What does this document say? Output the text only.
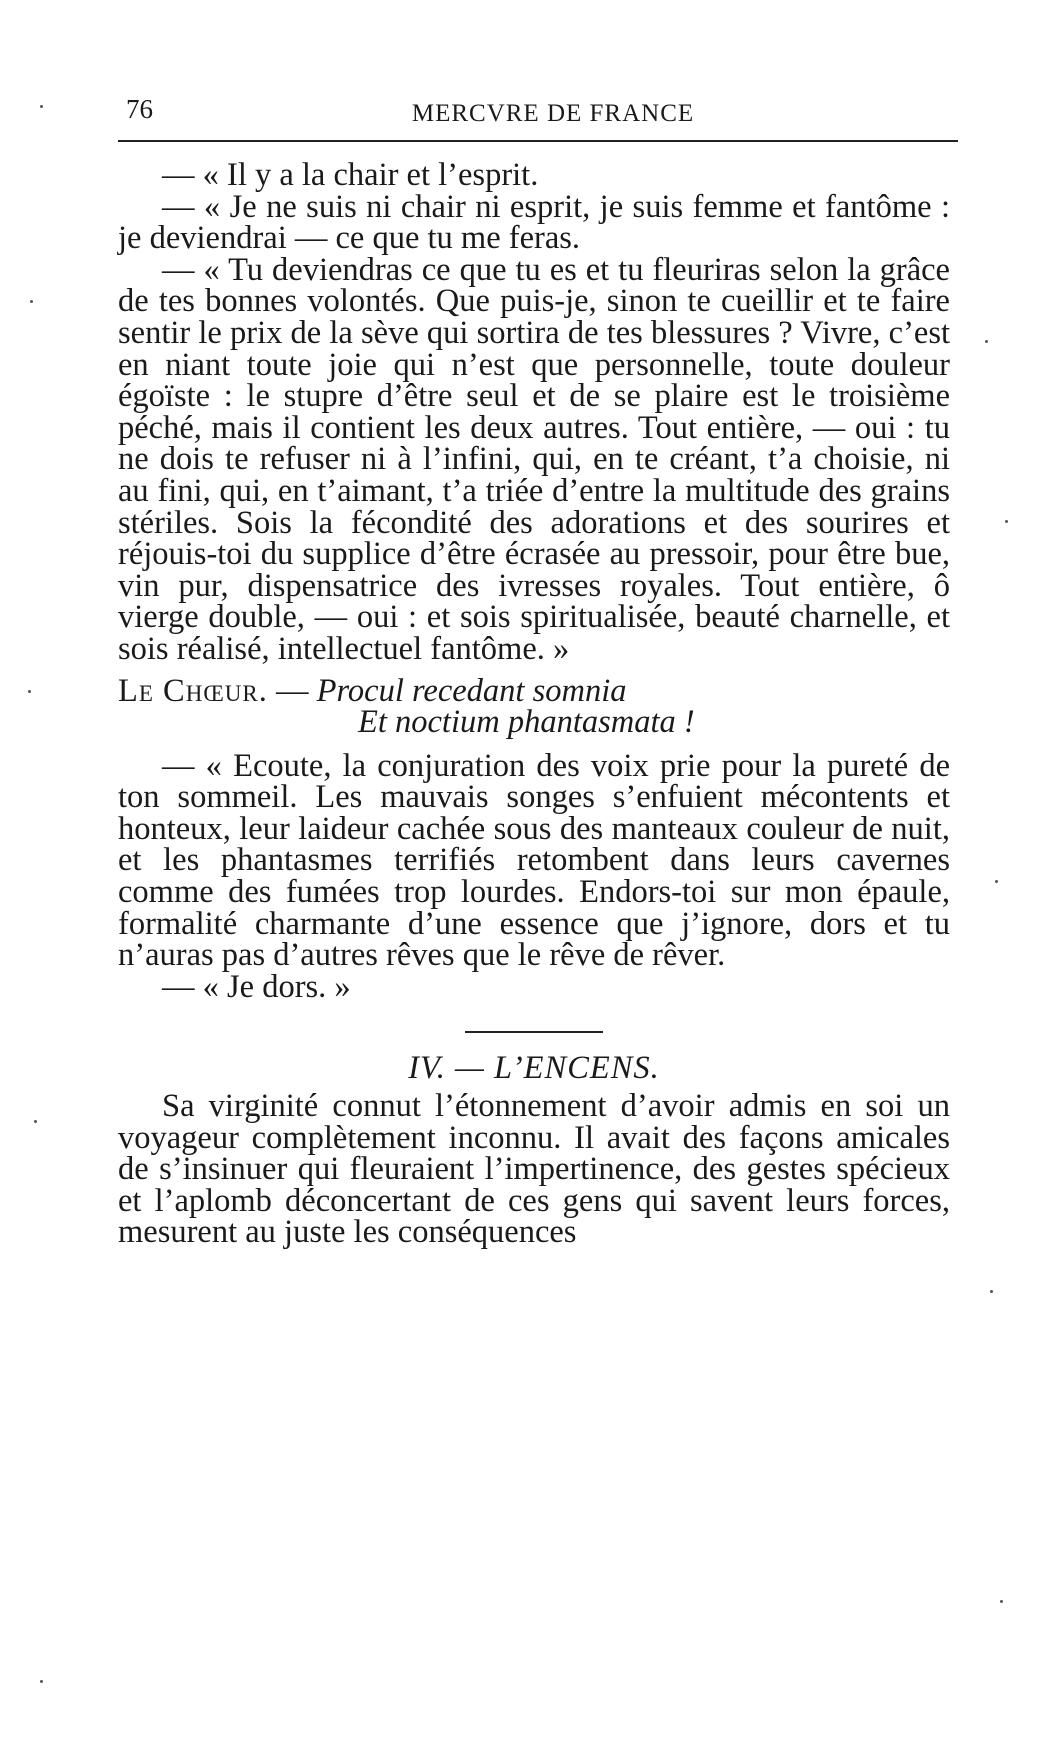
76	MERCVRE DE FRANCE

— « Il y a la chair et l’esprit.

— « Je ne suis ni chair ni esprit, je suis femme et fantôme : je deviendrai — ce que tu me feras.

— « Tu deviendras ce que tu es et tu fleuriras selon la grâce de tes bonnes volontés. Que puis-je, sinon te cueillir et te faire sentir le prix de la sève qui sortira de tes blessures ? Vivre, c’est en niant toute joie qui n’est que personnelle, toute douleur égoïste : le stupre d’être seul et de se plaire est le troisième péché, mais il contient les deux autres. Tout entière, — oui : tu ne dois te refuser ni à l’infini, qui, en te créant, t’a choisie, ni au fini, qui, en t’aimant, t’a triée d’entre la multitude des grains stériles. Sois la fécondité des adorations et des sourires et réjouis-toi du supplice d’être écrasée au pressoir, pour être bue, vin pur, dispensatrice des ivresses royales. Tout entière, ô vierge double, — oui : et sois spiritualisée, beauté charnelle, et sois réalisé, intellectuel fantôme. »

Le Chœur. — Procul recedant somnia
Et noctium phantasmata !

— « Ecoute, la conjuration des voix prie pour la pureté de ton sommeil. Les mauvais songes s’enfuient mécontents et honteux, leur laideur cachée sous des manteaux couleur de nuit, et les phantasmes terrifiés retombent dans leurs cavernes comme des fumées trop lourdes. Endors-toi sur mon épaule, formalité charmante d’une essence que j’ignore, dors et tu n’auras pas d’autres rêves que le rêve de rêver.

— « Je dors. »

IV. — L’ENCENS.

Sa virginité connut l’étonnement d’avoir admis en soi un voyageur complètement inconnu. Il avait des façons amicales de s’insinuer qui fleuraient l’impertinence, des gestes spécieux et l’aplomb déconcertant de ces gens qui savent leurs forces, mesurent au juste les conséquences
